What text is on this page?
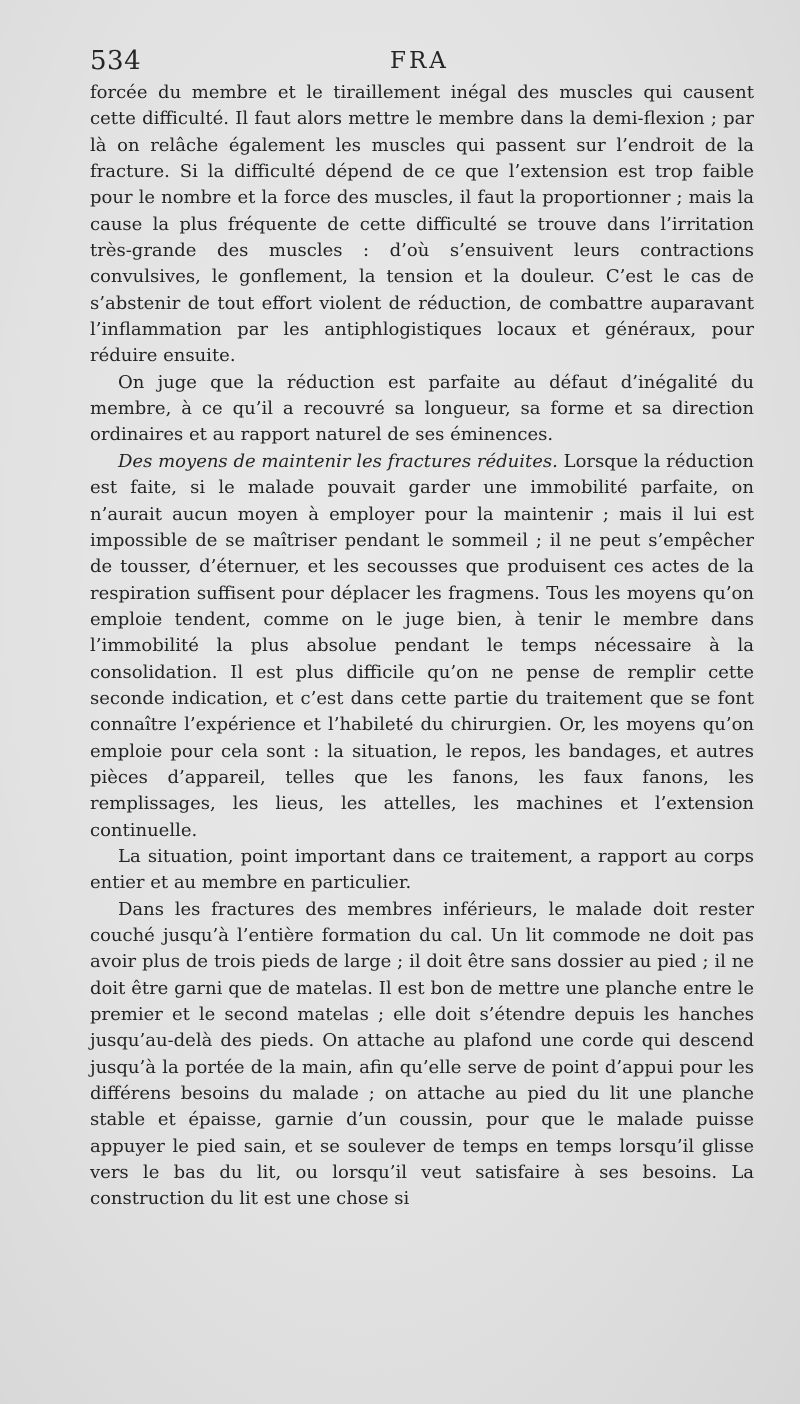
534	FRA

forcée du membre et le tiraillement inégal des muscles qui causent cette difficulté. Il faut alors mettre le membre dans la demi-flexion ; par là on relâche également les muscles qui passent sur l’endroit de la fracture. Si la difficulté dépend de ce que l’extension est trop faible pour le nombre et la force des muscles, il faut la proportionner ; mais la cause la plus fréquente de cette difficulté se trouve dans l’irritation très-grande des muscles : d’où s’ensuivent leurs contractions convulsives, le gonflement, la tension et la douleur. C’est le cas de s’abstenir de tout effort violent de réduction, de combattre auparavant l’inflammation par les antiphlogistiques locaux et généraux, pour réduire ensuite.

On juge que la réduction est parfaite au défaut d’inégalité du membre, à ce qu’il a recouvré sa longueur, sa forme et sa direction ordinaires et au rapport naturel de ses éminences.

Des moyens de maintenir les fractures réduites. Lorsque la réduction est faite, si le malade pouvait garder une immobilité parfaite, on n’aurait aucun moyen à employer pour la maintenir ; mais il lui est impossible de se maîtriser pendant le sommeil ; il ne peut s’empêcher de tousser, d’éternuer, et les secousses que produisent ces actes de la respiration suffisent pour déplacer les fragmens. Tous les moyens qu’on emploie tendent, comme on le juge bien, à tenir le membre dans l’immobilité la plus absolue pendant le temps nécessaire à la consolidation. Il est plus difficile qu’on ne pense de remplir cette seconde indication, et c’est dans cette partie du traitement que se font connaître l’expérience et l’habileté du chirurgien. Or, les moyens qu’on emploie pour cela sont : la situation, le repos, les bandages, et autres pièces d’appareil, telles que les fanons, les faux fanons, les remplissages, les lieus, les attelles, les machines et l’extension continuelle.

La situation, point important dans ce traitement, a rapport au corps entier et au membre en particulier.

Dans les fractures des membres inférieurs, le malade doit rester couché jusqu’à l’entière formation du cal. Un lit commode ne doit pas avoir plus de trois pieds de large ; il doit être sans dossier au pied ; il ne doit être garni que de matelas. Il est bon de mettre une planche entre le premier et le second matelas ; elle doit s’étendre depuis les hanches jusqu’au-delà des pieds. On attache au plafond une corde qui descend jusqu’à la portée de la main, afin qu’elle serve de point d’appui pour les différens besoins du malade ; on attache au pied du lit une planche stable et épaisse, garnie d’un coussin, pour que le malade puisse appuyer le pied sain, et se soulever de temps en temps lorsqu’il glisse vers le bas du lit, ou lorsqu’il veut satisfaire à ses besoins. La construction du lit est une chose si
